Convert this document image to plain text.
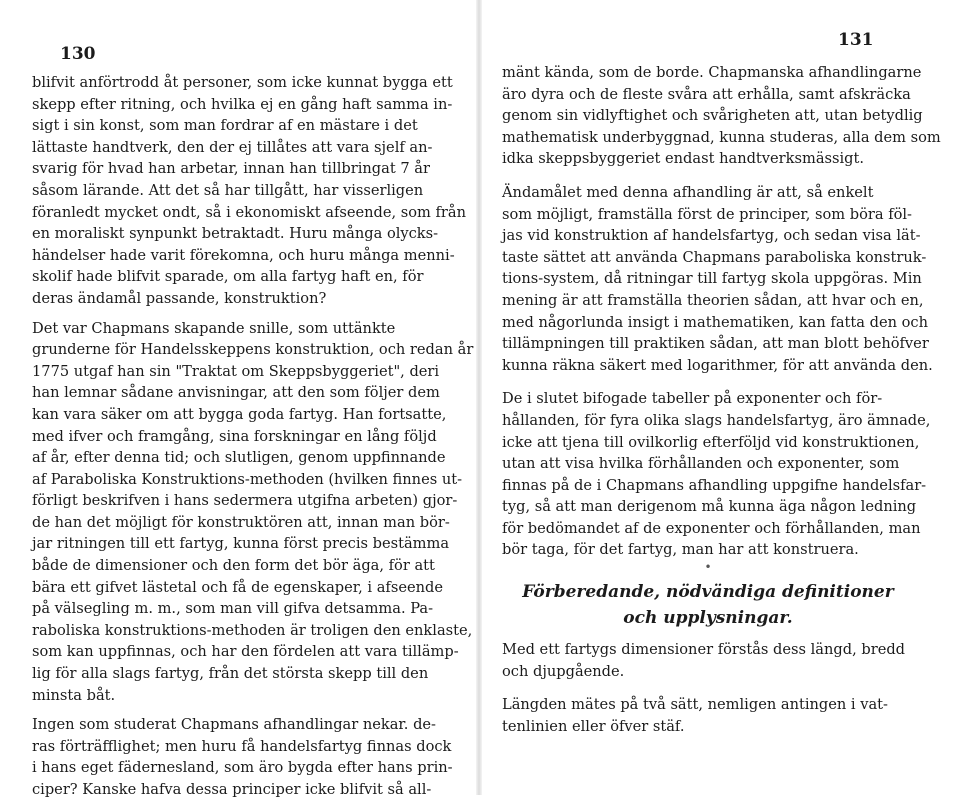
130
blifvit anförtrodd åt personer, som icke kunnat bygga ett
skepp efter ritning, och hvilka ej en gång haft samma in-
sigt i sin konst, som man fordrar af en mästare i det
lättaste handtverk, den der ej tillåtes att vara sjelf an-
svarig för hvad han arbetar, innan han tillbringat 7 år
såsom lärande. Att det så har tillgått, har visserligen
föranledt mycket ondt, så i ekonomiskt afseende, som från
en moraliskt synpunkt betraktadt. Huru många olycks-
händelser hade varit förekomna, och huru många menni-
skolif hade blifvit sparade, om alla fartyg haft en, för
deras ändamål passande, konstruktion?
Det var Chapmans skapande snille, som uttänkte
grunderne för Handelsskeppens konstruktion, och redan år
1775 utgaf han sin "Traktat om Skeppsbyggeriet", deri
han lemnar sådane anvisningar, att den som följer dem
kan vara säker om att bygga goda fartyg. Han fortsatte,
med ifver och framgång, sina forskningar en lång följd
af år, efter denna tid; och slutligen, genom uppfinnande
af Paraboliska Konstruktions-methoden (hvilken finnes ut-
förligt beskrifven i hans sedermera utgifna arbeten) gjor-
de han det möjligt för konstruktören att, innan man bör-
jar ritningen till ett fartyg, kunna först precis bestämma
både de dimensioner och den form det bör äga, för att
bära ett gifvet lästetal och få de egenskaper, i afseende
på välsegling m. m., som man vill gifva detsamma. Pa-
raboliska konstruktions-methoden är troligen den enklaste,
som kan uppfinnas, och har den fördelen att vara tillämp-
lig för alla slags fartyg, från det största skepp till den
minsta båt.
Ingen som studerat Chapmans afhandlingar nekar. de-
ras förträfflighet; men huru få handelsfartyg finnas dock
i hans eget fädernesland, som äro bygda efter hans prin-
ciper? Kanske hafva dessa principer icke blifvit så all-
131
mänt kända, som de borde. Chapmanska afhandlingarne
äro dyra och de fleste svåra att erhålla, samt afskräcka
genom sin vidlyftighet och svårigheten att, utan betydlig
mathematisk underbyggnad, kunna studeras, alla dem som
idka skeppsbyggeriet endast handtverksmässigt.
Ändamålet med denna afhandling är att, så enkelt
som möjligt, framställa först de principer, som böra föl-
jas vid konstruktion af handelsfartyg, och sedan visa lät-
taste sättet att använda Chapmans paraboliska konstruk-
tions-system, då ritningar till fartyg skola uppgöras. Min
mening är att framställa theorien sådan, att hvar och en,
med någorlunda insigt i mathematiken, kan fatta den och
tillämpningen till praktiken sådan, att man blott behöfver
kunna räkna säkert med logarithmer, för att använda den.
De i slutet bifogade tabeller på exponenter och för-
hållanden, för fyra olika slags handelsfartyg, äro ämnade,
icke att tjena till ovilkorlig efterföljd vid konstruktionen,
utan att visa hvilka förhållanden och exponenter, som
finnas på de i Chapmans afhandling uppgifne handelsfar-
tyg, så att man derigenom må kunna äga någon ledning
för bedömandet af de exponenter och förhållanden, man
bör taga, för det fartyg, man har att konstruera.
•
Förberedande, nödvändiga definitioner
och upplysningar.
Med ett fartygs dimensioner förstås dess längd, bredd
och djupgående.
Längden mätes på två sätt, nemligen antingen i vat-
tenlinien eller öfver stäf.
